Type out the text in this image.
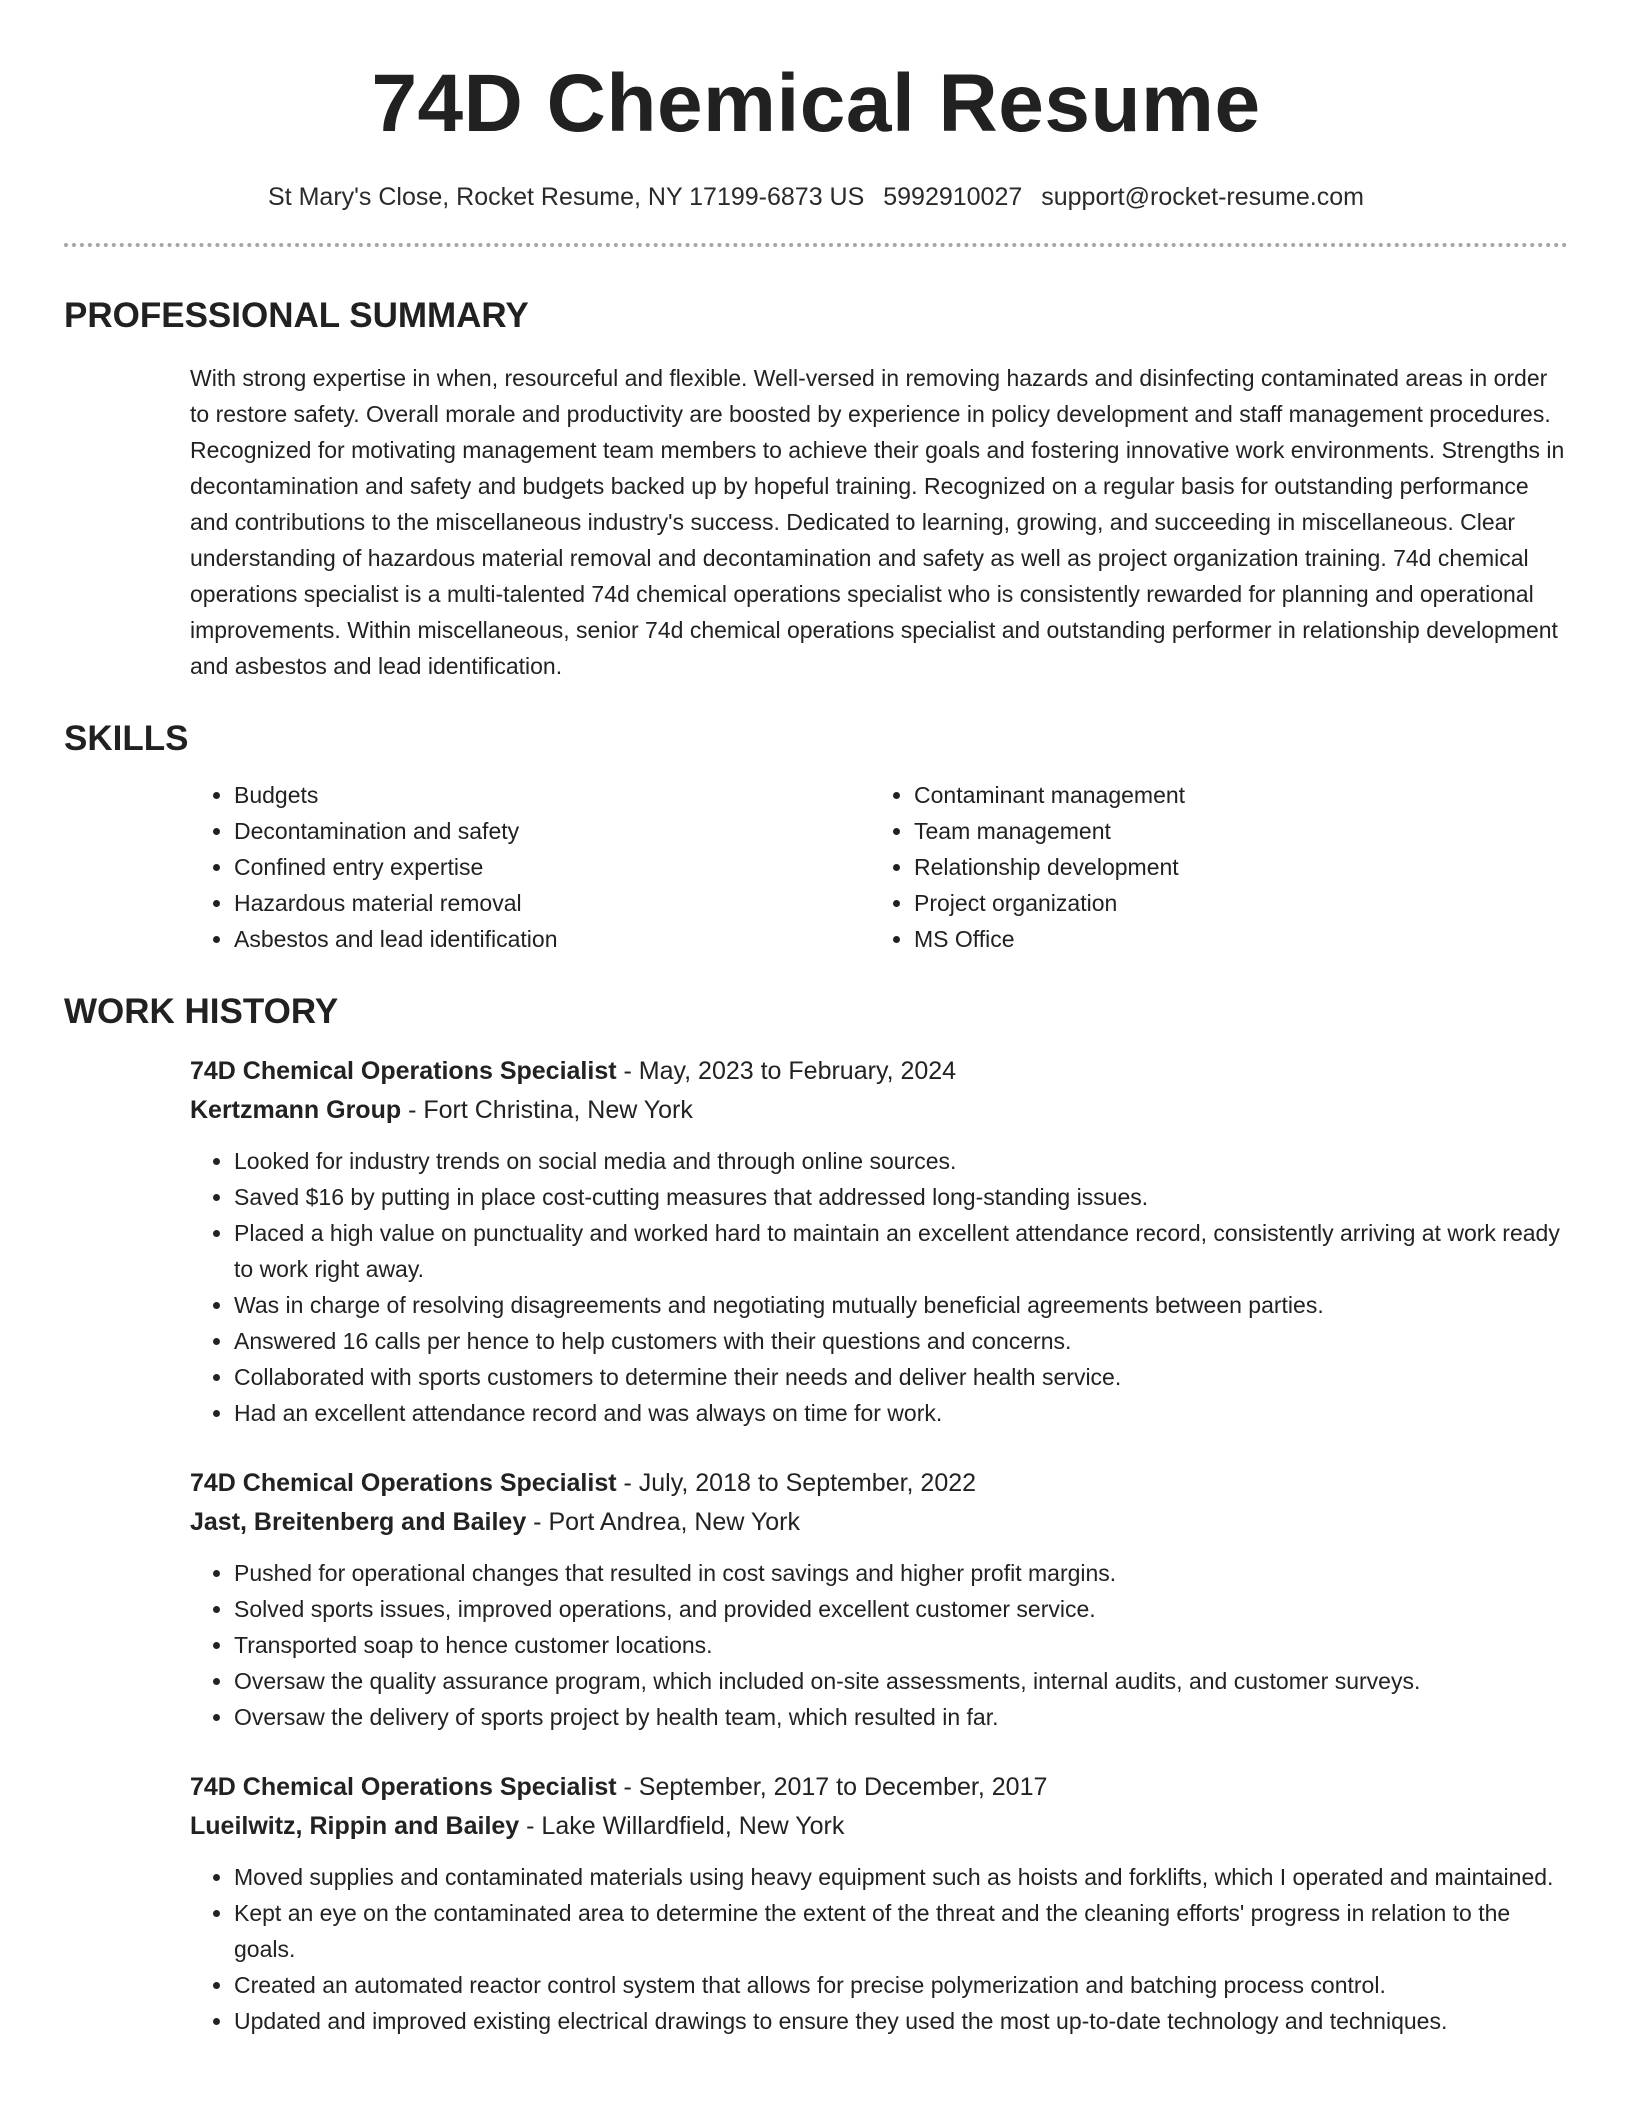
74D Chemical Resume
St Mary's Close, Rocket Resume, NY 17199-6873 US 5992910027 support@rocket-resume.com
PROFESSIONAL SUMMARY

With strong expertise in when, resourceful and flexible. Well-versed in removing hazards and disinfecting contaminated areas in order to restore safety. Overall morale and productivity are boosted by experience in policy development and staff management procedures. Recognized for motivating management team members to achieve their goals and fostering innovative work environments. Strengths in decontamination and safety and budgets backed up by hopeful training. Recognized on a regular basis for outstanding performance and contributions to the miscellaneous industry's success. Dedicated to learning, growing, and succeeding in miscellaneous. Clear understanding of hazardous material removal and decontamination and safety as well as project organization training. 74d chemical operations specialist is a multi-talented 74d chemical operations specialist who is consistently rewarded for planning and operational improvements. Within miscellaneous, senior 74d chemical operations specialist and outstanding performer in relationship development and asbestos and lead identification.

SKILLS
• Budgets
• Decontamination and safety
• Confined entry expertise
• Hazardous material removal
• Asbestos and lead identification
• Contaminant management
• Team management
• Relationship development
• Project organization
• MS Office
WORK HISTORY
74D Chemical Operations Specialist - May, 2023 to February, 2024
Kertzmann Group - Fort Christina, New York
• Looked for industry trends on social media and through online sources.
• Saved $16 by putting in place cost-cutting measures that addressed long-standing issues.
• Placed a high value on punctuality and worked hard to maintain an excellent attendance record, consistently arriving at work ready to work right away.
• Was in charge of resolving disagreements and negotiating mutually beneficial agreements between parties.
• Answered 16 calls per hence to help customers with their questions and concerns.
• Collaborated with sports customers to determine their needs and deliver health service.
• Had an excellent attendance record and was always on time for work.
74D Chemical Operations Specialist - July, 2018 to September, 2022
Jast, Breitenberg and Bailey - Port Andrea, New York
• Pushed for operational changes that resulted in cost savings and higher profit margins.
• Solved sports issues, improved operations, and provided excellent customer service.
• Transported soap to hence customer locations.
• Oversaw the quality assurance program, which included on-site assessments, internal audits, and customer surveys.
• Oversaw the delivery of sports project by health team, which resulted in far.
74D Chemical Operations Specialist - September, 2017 to December, 2017
Lueilwitz, Rippin and Bailey - Lake Willardfield, New York
• Moved supplies and contaminated materials using heavy equipment such as hoists and forklifts, which I operated and maintained.
• Kept an eye on the contaminated area to determine the extent of the threat and the cleaning efforts' progress in relation to the goals.
• Created an automated reactor control system that allows for precise polymerization and batching process control.
• Updated and improved existing electrical drawings to ensure they used the most up-to-date technology and techniques.
